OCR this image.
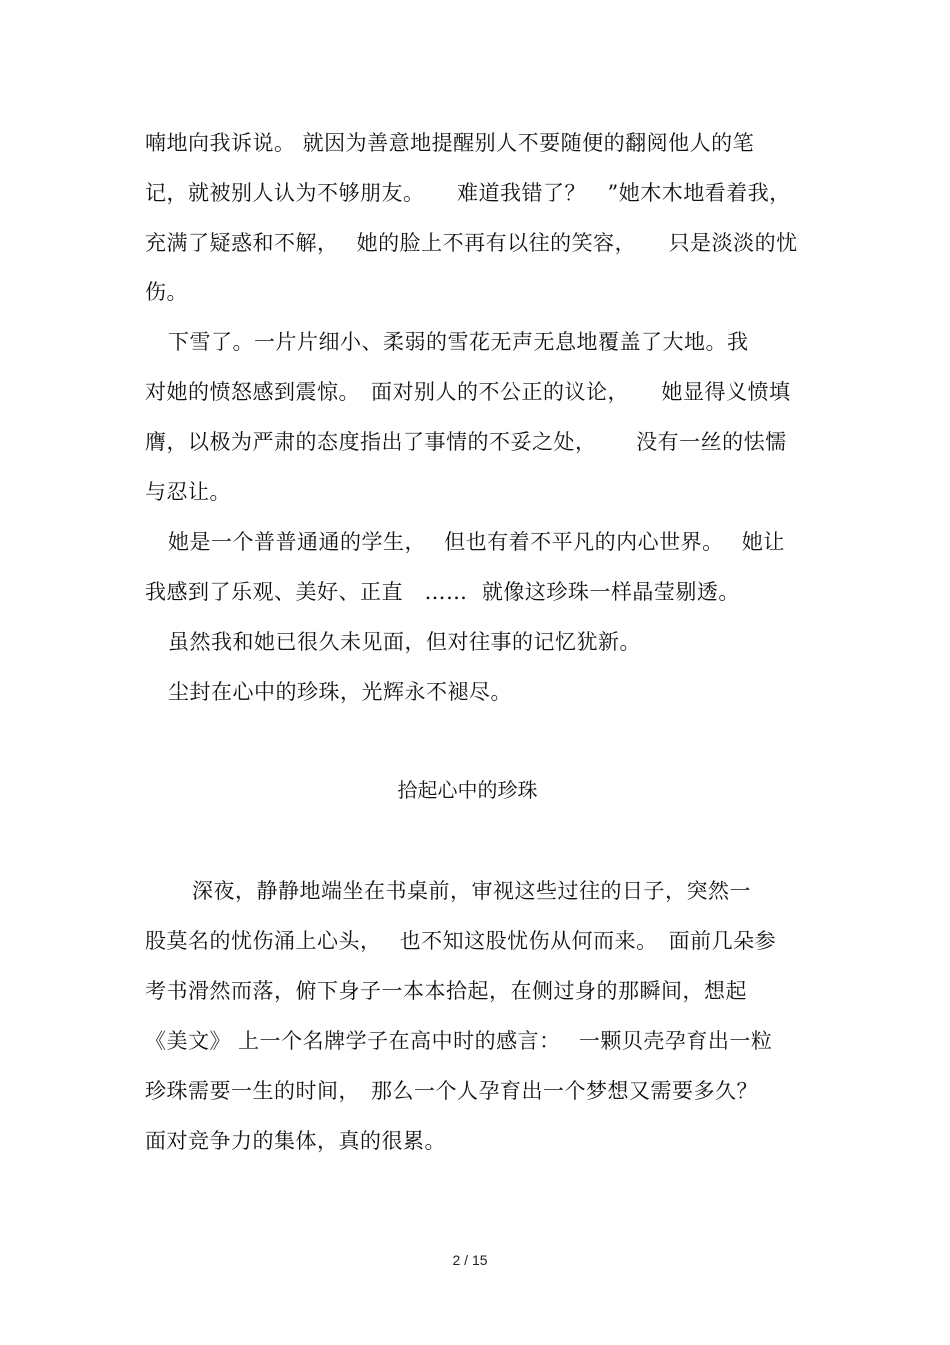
喃地向我诉说。 就因为善意地提醒别人不要随便的翻阅他人的笔
记，就被别人认为不够朋友。　　难道我错了？　”她木木地看着我，
充满了疑惑和不解，　 她的脸上不再有以往的笑容，　　只是淡淡的忧
伤。
下雪了。一片片细小、柔弱的雪花无声无息地覆盖了大地。我
对她的愤怒感到震惊。　面对别人的不公正的议论，　　她显得义愤填
膺，以极为严肃的态度指出了事情的不妥之处，　　 没有一丝的怯懦
与忍让。
她是一个普普通通的学生，　 但也有着不平凡的内心世界。　 她让
我感到了乐观、美好、正直　……  就像这珍珠一样晶莹剔透。
虽然我和她已很久未见面，但对往事的记忆犹新。
尘封在心中的珍珠，光辉永不褪尽。
拾起心中的珍珠
深夜，静静地端坐在书桌前，审视这些过往的日子，突然一
股莫名的忧伤涌上心头，　 也不知这股忧伤从何而来。　面前几朵参
考书滑然而落，俯下身子一本本拾起，在侧过身的那瞬间，想起
《美文》 上一个名牌学子在高中时的感言：　 一颗贝壳孕育出一粒
珍珠需要一生的时间，　那么一个人孕育出一个梦想又需要多久？
面对竞争力的集体，真的很累。
2 / 15
